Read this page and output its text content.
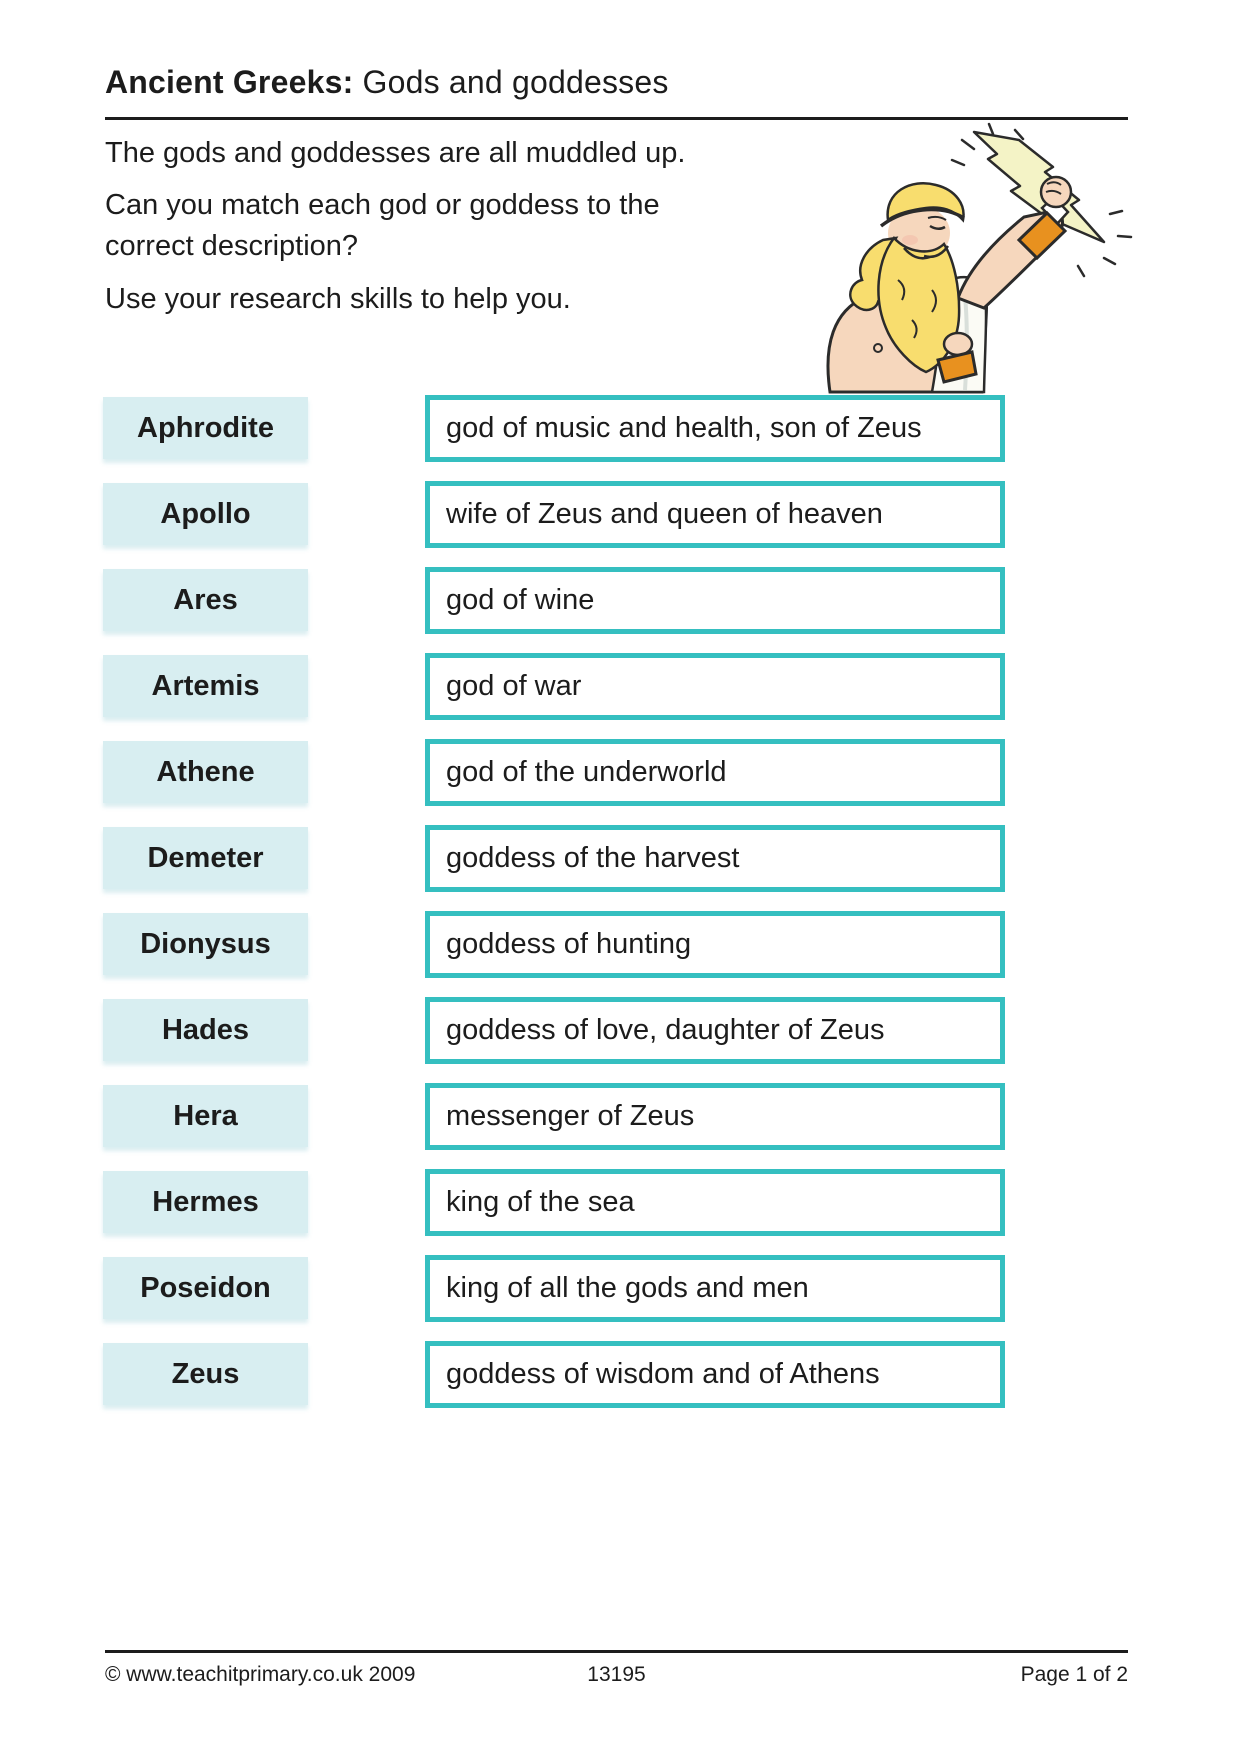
Ancient Greeks: Gods and goddesses

The gods and goddesses are all muddled up.

Can you match each god or goddess to the correct description?

Use your research skills to help you.

Aphrodite	god of music and health, son of Zeus
Apollo	wife of Zeus and queen of heaven
Ares	god of wine
Artemis	god of war
Athene	god of the underworld
Demeter	goddess of the harvest
Dionysus	goddess of hunting
Hades	goddess of love, daughter of Zeus
Hera	messenger of Zeus
Hermes	king of the sea
Poseidon	king of all the gods and men
Zeus	goddess of wisdom and of Athens
© www.teachitprimary.co.uk 2009	13195	Page 1 of 2
